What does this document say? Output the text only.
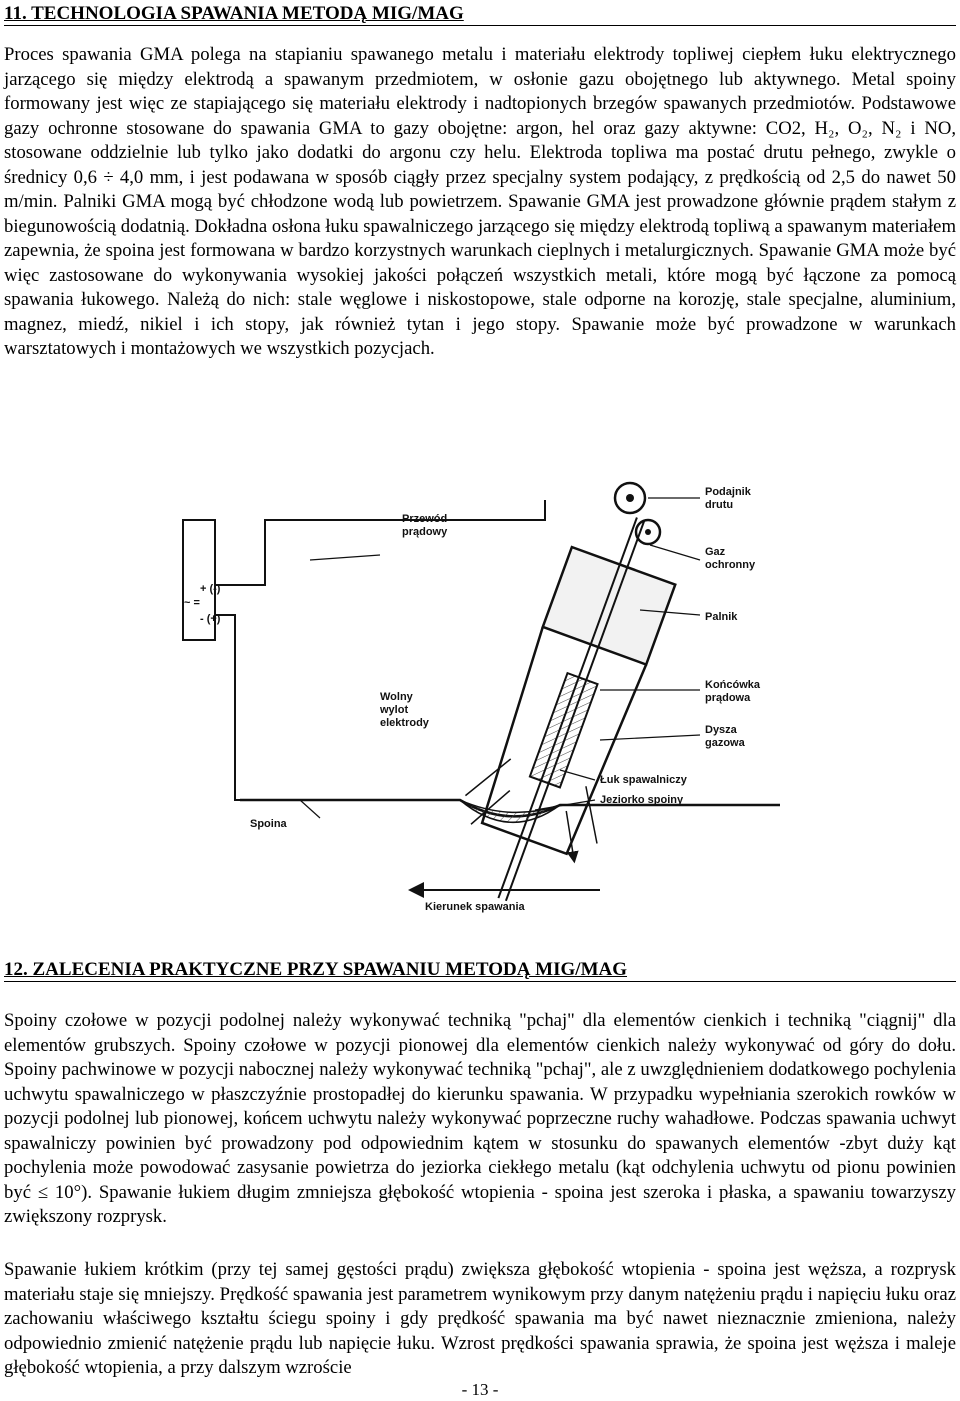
11. TECHNOLOGIA SPAWANIA METODĄ MIG/MAG

Proces spawania GMA polega na stapianiu spawanego metalu i materiału elektrody topliwej ciepłem łuku elektrycznego jarzącego się między elektrodą a spawanym przedmiotem, w osłonie gazu obojętnego lub aktywnego. Metal spoiny formowany jest więc ze stapiającego się materiału elektrody i nadtopionych brzegów spawanych przedmiotów. Podstawowe gazy ochronne stosowane do spawania GMA to gazy obojętne: argon, hel oraz gazy aktywne: CO2, H₂, O₂, N₂ i NO, stosowane oddzielnie lub tylko jako dodatki do argonu czy helu. Elektroda topliwa ma postać drutu pełnego, zwykle o średnicy 0,6 ÷ 4,0 mm, i jest podawana w sposób ciągły przez specjalny system podający, z prędkością od 2,5 do nawet 50 m/min. Palniki GMA mogą być chłodzone wodą lub powietrzem. Spawanie GMA jest prowadzone głównie prądem stałym z biegunowością dodatnią. Dokładna osłona łuku spawalniczego jarzącego się między elektrodą topliwą a spawanym materiałem zapewnia, że spoina jest formowana w bardzo korzystnych warunkach cieplnych i metalurgicznych. Spawanie GMA może być więc zastosowane do wykonywania wysokiej jakości połączeń wszystkich metali, które mogą być łączone za pomocą spawania łukowego. Należą do nich: stale węglowe i niskostopowe, stale odporne na korozję, stale specjalne, aluminium, magnez, miedź, nikiel i ich stopy, jak również tytan i jego stopy. Spawanie może być prowadzone w warunkach warsztatowych i montażowych we wszystkich pozycjach.

+ (-)
~ =
- (+)
Podajnik
drutu
Przewód
prądowy
Gaz
ochronny
Palnik
Końcówka
prądowa
Dysza
gazowa
Wolny
wylot
elektrody
Łuk spawalniczy
Jeziorko spoiny
Spoina
Kierunek spawania
12. ZALECENIA PRAKTYCZNE PRZY SPAWANIU METODĄ MIG/MAG

Spoiny czołowe w pozycji podolnej należy wykonywać techniką "pchaj" dla elementów cienkich i techniką "ciągnij" dla elementów grubszych. Spoiny czołowe w pozycji pionowej dla elementów cienkich należy wykonywać od góry do dołu. Spoiny pachwinowe w pozycji nabocznej należy wykonywać techniką "pchaj", ale z uwzględnieniem dodatkowego pochylenia uchwytu spawalniczego w płaszczyźnie prostopadłej do kierunku spawania. W przypadku wypełniania szerokich rowków w pozycji podolnej lub pionowej, końcem uchwytu należy wykonywać poprzeczne ruchy wahadłowe. Podczas spawania uchwyt spawalniczy powinien być prowadzony pod odpowiednim kątem w stosunku do spawanych elementów -zbyt duży kąt pochylenia może powodować zasysanie powietrza do jeziorka ciekłego metalu (kąt odchylenia uchwytu od pionu powinien być ≤ 10°). Spawanie łukiem długim zmniejsza głębokość wtopienia - spoina jest szeroka i płaska, a spawaniu towarzyszy zwiększony rozprysk.

Spawanie łukiem krótkim (przy tej samej gęstości prądu) zwiększa głębokość wtopienia - spoina jest węższa, a rozprysk materiału staje się mniejszy. Prędkość spawania jest parametrem wynikowym przy danym natężeniu prądu i napięciu łuku oraz zachowaniu właściwego kształtu ściegu spoiny i gdy prędkość spawania ma być nawet nieznacznie zmieniona, należy odpowiednio zmienić natężenie prądu lub napięcie łuku. Wzrost prędkości spawania sprawia, że spoina jest węższa i maleje głębokość wtopienia, a przy dalszym wzroście

- 13 -
